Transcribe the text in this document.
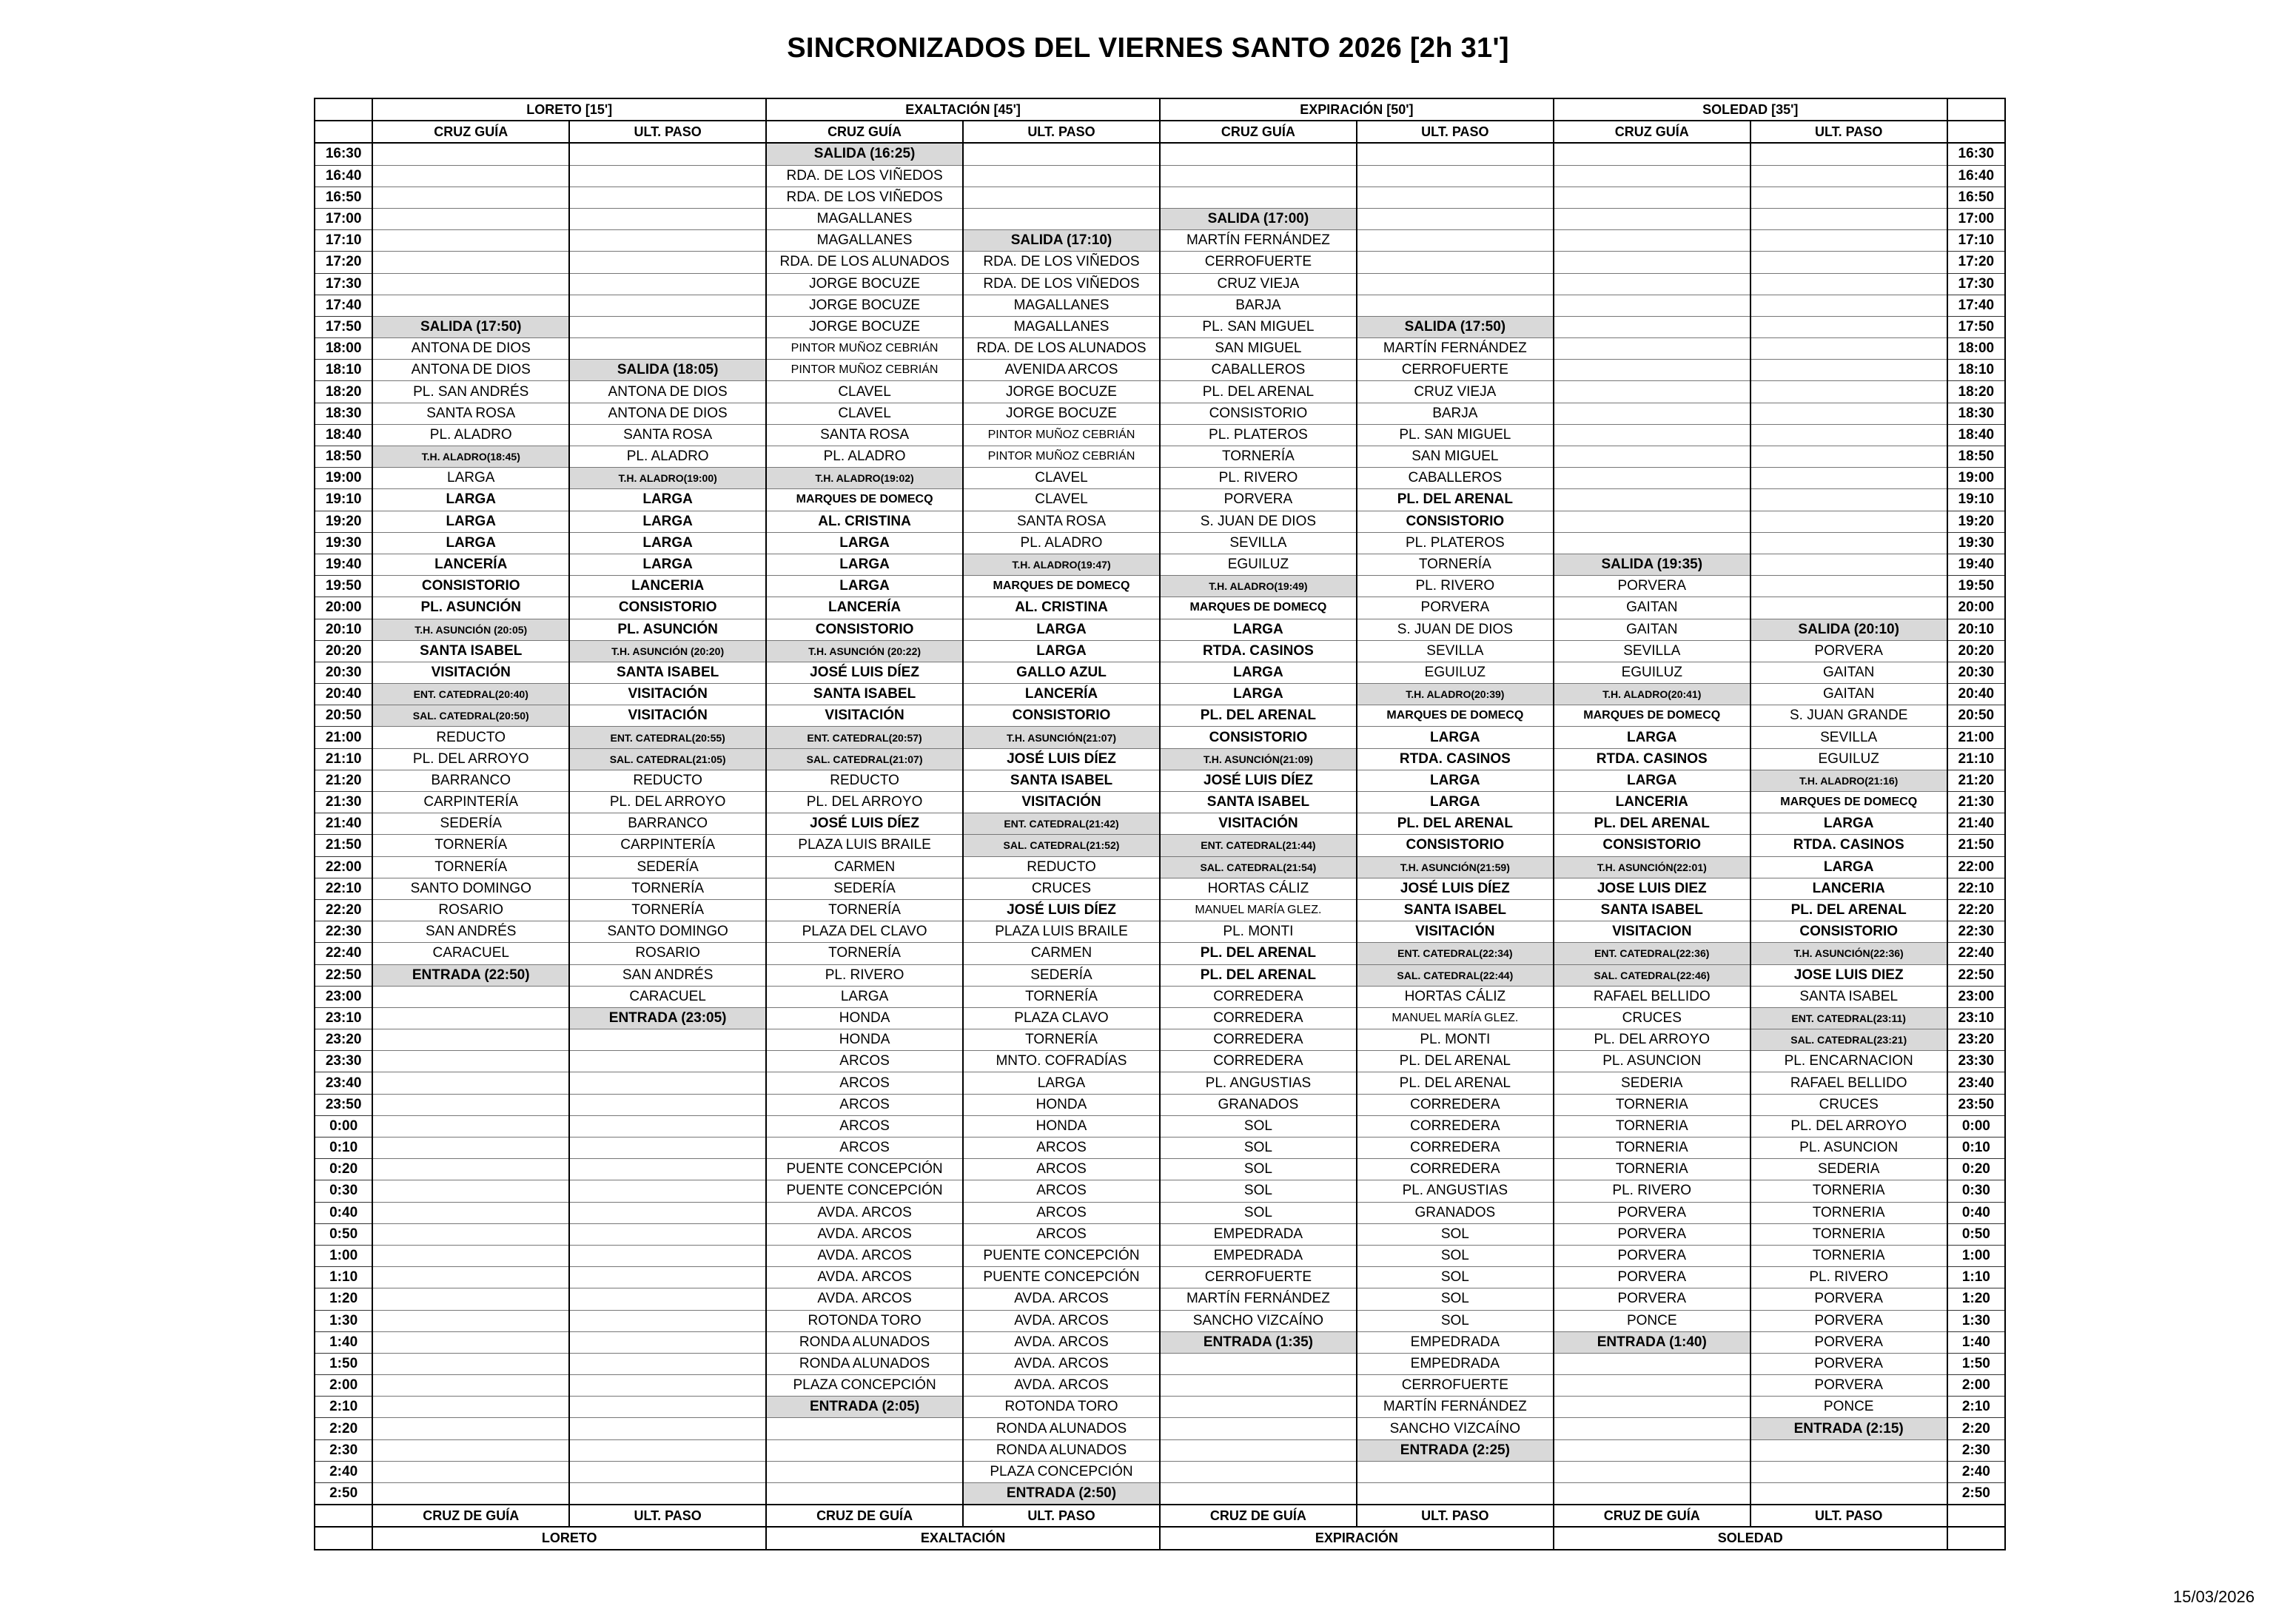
SINCRONIZADOS DEL VIERNES SANTO 2026 [2h 31']
	LORETO [15']		EXALTACIÓN [45']		EXPIRACIÓN [50']		SOLEDAD [35']		
	CRUZ GUÍA	ULT. PASO	CRUZ GUÍA	ULT. PASO	CRUZ GUÍA	ULT. PASO	CRUZ GUÍA	ULT. PASO	
16:30			SALIDA (16:25)						16:30
16:40			RDA. DE LOS VIÑEDOS						16:40
16:50			RDA. DE LOS VIÑEDOS						16:50
17:00			MAGALLANES		SALIDA (17:00)				17:00
17:10			MAGALLANES	SALIDA (17:10)	MARTÍN FERNÁNDEZ				17:10
17:20			RDA. DE LOS ALUNADOS	RDA. DE LOS VIÑEDOS	CERROFUERTE				17:20
17:30			JORGE BOCUZE	RDA. DE LOS VIÑEDOS	CRUZ VIEJA				17:30
17:40			JORGE BOCUZE	MAGALLANES	BARJA				17:40
17:50	SALIDA (17:50)		JORGE BOCUZE	MAGALLANES	PL. SAN MIGUEL	SALIDA (17:50)			17:50
18:00	ANTONA DE DIOS		PINTOR MUÑOZ CEBRIÁN	RDA. DE LOS ALUNADOS	SAN MIGUEL	MARTÍN FERNÁNDEZ			18:00
18:10	ANTONA DE DIOS	SALIDA (18:05)	PINTOR MUÑOZ CEBRIÁN	AVENIDA ARCOS	CABALLEROS	CERROFUERTE			18:10
18:20	PL. SAN ANDRÉS	ANTONA DE DIOS	CLAVEL	JORGE BOCUZE	PL. DEL ARENAL	CRUZ VIEJA			18:20
18:30	SANTA ROSA	ANTONA DE DIOS	CLAVEL	JORGE BOCUZE	CONSISTORIO	BARJA			18:30
18:40	PL. ALADRO	SANTA ROSA	SANTA ROSA	PINTOR MUÑOZ CEBRIÁN	PL. PLATEROS	PL. SAN MIGUEL			18:40
18:50	T.H. ALADRO(18:45)	PL. ALADRO	PL. ALADRO	PINTOR MUÑOZ CEBRIÁN	TORNERÍA	SAN MIGUEL			18:50
19:00	LARGA	T.H. ALADRO(19:00)	T.H. ALADRO(19:02)	CLAVEL	PL. RIVERO	CABALLEROS			19:00
19:10	LARGA	LARGA	MARQUES DE DOMECQ	CLAVEL	PORVERA	PL. DEL ARENAL			19:10
19:20	LARGA	LARGA	AL. CRISTINA	SANTA ROSA	S. JUAN DE DIOS	CONSISTORIO			19:20
19:30	LARGA	LARGA	LARGA	PL. ALADRO	SEVILLA	PL. PLATEROS			19:30
19:40	LANCERÍA	LARGA	LARGA	T.H. ALADRO(19:47)	EGUILUZ	TORNERÍA	SALIDA (19:35)		19:40
19:50	CONSISTORIO	LANCERIA	LARGA	MARQUES DE DOMECQ	T.H. ALADRO(19:49)	PL. RIVERO	PORVERA		19:50
20:00	PL. ASUNCIÓN	CONSISTORIO	LANCERÍA	AL. CRISTINA	MARQUES DE DOMECQ	PORVERA	GAITAN		20:00
20:10	T.H. ASUNCIÓN (20:05)	PL. ASUNCIÓN	CONSISTORIO	LARGA	LARGA	S. JUAN DE DIOS	GAITAN	SALIDA (20:10)	20:10
20:20	SANTA ISABEL	T.H. ASUNCIÓN (20:20)	T.H. ASUNCIÓN (20:22)	LARGA	RTDA. CASINOS	SEVILLA	SEVILLA	PORVERA	20:20
20:30	VISITACIÓN	SANTA ISABEL	JOSÉ LUIS DÍEZ	GALLO AZUL	LARGA	EGUILUZ	EGUILUZ	GAITAN	20:30
20:40	ENT. CATEDRAL(20:40)	VISITACIÓN	SANTA ISABEL	LANCERÍA	LARGA	T.H. ALADRO(20:39)	T.H. ALADRO(20:41)	GAITAN	20:40
20:50	SAL. CATEDRAL(20:50)	VISITACIÓN	VISITACIÓN	CONSISTORIO	PL. DEL ARENAL	MARQUES DE DOMECQ	MARQUES DE DOMECQ	S. JUAN GRANDE	20:50
21:00	REDUCTO	ENT. CATEDRAL(20:55)	ENT. CATEDRAL(20:57)	T.H. ASUNCIÓN(21:07)	CONSISTORIO	LARGA	LARGA	SEVILLA	21:00
21:10	PL. DEL ARROYO	SAL. CATEDRAL(21:05)	SAL. CATEDRAL(21:07)	JOSÉ LUIS DÍEZ	T.H. ASUNCIÓN(21:09)	RTDA. CASINOS	RTDA. CASINOS	EGUILUZ	21:10
21:20	BARRANCO	REDUCTO	REDUCTO	SANTA ISABEL	JOSÉ LUIS DÍEZ	LARGA	LARGA	T.H. ALADRO(21:16)	21:20
21:30	CARPINTERÍA	PL. DEL ARROYO	PL. DEL ARROYO	VISITACIÓN	SANTA ISABEL	LARGA	LANCERIA	MARQUES DE DOMECQ	21:30
21:40	SEDERÍA	BARRANCO	JOSÉ LUIS DÍEZ	ENT. CATEDRAL(21:42)	VISITACIÓN	PL. DEL ARENAL	PL. DEL ARENAL	LARGA	21:40
21:50	TORNERÍA	CARPINTERÍA	PLAZA LUIS BRAILE	SAL. CATEDRAL(21:52)	ENT. CATEDRAL(21:44)	CONSISTORIO	CONSISTORIO	RTDA. CASINOS	21:50
22:00	TORNERÍA	SEDERÍA	CARMEN	REDUCTO	SAL. CATEDRAL(21:54)	T.H. ASUNCIÓN(21:59)	T.H. ASUNCIÓN(22:01)	LARGA	22:00
22:10	SANTO DOMINGO	TORNERÍA	SEDERÍA	CRUCES	HORTAS CÁLIZ	JOSÉ LUIS DÍEZ	JOSE LUIS DIEZ	LANCERIA	22:10
22:20	ROSARIO	TORNERÍA	TORNERÍA	JOSÉ LUIS DÍEZ	MANUEL MARÍA GLEZ.	SANTA ISABEL	SANTA ISABEL	PL. DEL ARENAL	22:20
22:30	SAN ANDRÉS	SANTO DOMINGO	PLAZA DEL CLAVO	PLAZA LUIS BRAILE	PL. MONTI	VISITACIÓN	VISITACION	CONSISTORIO	22:30
22:40	CARACUEL	ROSARIO	TORNERÍA	CARMEN	PL. DEL ARENAL	ENT. CATEDRAL(22:34)	ENT. CATEDRAL(22:36)	T.H. ASUNCIÓN(22:36)	22:40
22:50	ENTRADA (22:50)	SAN ANDRÉS	PL. RIVERO	SEDERÍA	PL. DEL ARENAL	SAL. CATEDRAL(22:44)	SAL. CATEDRAL(22:46)	JOSE LUIS DIEZ	22:50
23:00		CARACUEL	LARGA	TORNERÍA	CORREDERA	HORTAS CÁLIZ	RAFAEL BELLIDO	SANTA ISABEL	23:00
23:10		ENTRADA (23:05)	HONDA	PLAZA CLAVO	CORREDERA	MANUEL MARÍA GLEZ.	CRUCES	ENT. CATEDRAL(23:11)	23:10
23:20			HONDA	TORNERÍA	CORREDERA	PL. MONTI	PL. DEL ARROYO	SAL. CATEDRAL(23:21)	23:20
23:30			ARCOS	MNTO. COFRADÍAS	CORREDERA	PL. DEL ARENAL	PL. ASUNCION	PL. ENCARNACION	23:30
23:40			ARCOS	LARGA	PL. ANGUSTIAS	PL. DEL ARENAL	SEDERIA	RAFAEL BELLIDO	23:40
23:50			ARCOS	HONDA	GRANADOS	CORREDERA	TORNERIA	CRUCES	23:50
0:00			ARCOS	HONDA	SOL	CORREDERA	TORNERIA	PL. DEL ARROYO	0:00
0:10			ARCOS	ARCOS	SOL	CORREDERA	TORNERIA	PL. ASUNCION	0:10
0:20			PUENTE CONCEPCIÓN	ARCOS	SOL	CORREDERA	TORNERIA	SEDERIA	0:20
0:30			PUENTE CONCEPCIÓN	ARCOS	SOL	PL. ANGUSTIAS	PL. RIVERO	TORNERIA	0:30
0:40			AVDA. ARCOS	ARCOS	SOL	GRANADOS	PORVERA	TORNERIA	0:40
0:50			AVDA. ARCOS	ARCOS	EMPEDRADA	SOL	PORVERA	TORNERIA	0:50
1:00			AVDA. ARCOS	PUENTE CONCEPCIÓN	EMPEDRADA	SOL	PORVERA	TORNERIA	1:00
1:10			AVDA. ARCOS	PUENTE CONCEPCIÓN	CERROFUERTE	SOL	PORVERA	PL. RIVERO	1:10
1:20			AVDA. ARCOS	AVDA. ARCOS	MARTÍN FERNÁNDEZ	SOL	PORVERA	PORVERA	1:20
1:30			ROTONDA TORO	AVDA. ARCOS	SANCHO VIZCAÍNO	SOL	PONCE	PORVERA	1:30
1:40			RONDA ALUNADOS	AVDA. ARCOS	ENTRADA (1:35)	EMPEDRADA	ENTRADA (1:40)	PORVERA	1:40
1:50			RONDA ALUNADOS	AVDA. ARCOS		EMPEDRADA		PORVERA	1:50
2:00			PLAZA CONCEPCIÓN	AVDA. ARCOS		CERROFUERTE		PORVERA	2:00
2:10			ENTRADA (2:05)	ROTONDA TORO		MARTÍN FERNÁNDEZ		PONCE	2:10
2:20				RONDA ALUNADOS		SANCHO VIZCAÍNO		ENTRADA (2:15)	2:20
2:30				RONDA ALUNADOS		ENTRADA (2:25)			2:30
2:40				PLAZA CONCEPCIÓN					2:40
2:50				ENTRADA (2:50)					2:50
	CRUZ DE GUÍA	ULT. PASO	CRUZ DE GUÍA	ULT. PASO	CRUZ DE GUÍA	ULT. PASO	CRUZ DE GUÍA	ULT. PASO	
	LORETO		EXALTACIÓN		EXPIRACIÓN		SOLEDAD		
15/03/2026
